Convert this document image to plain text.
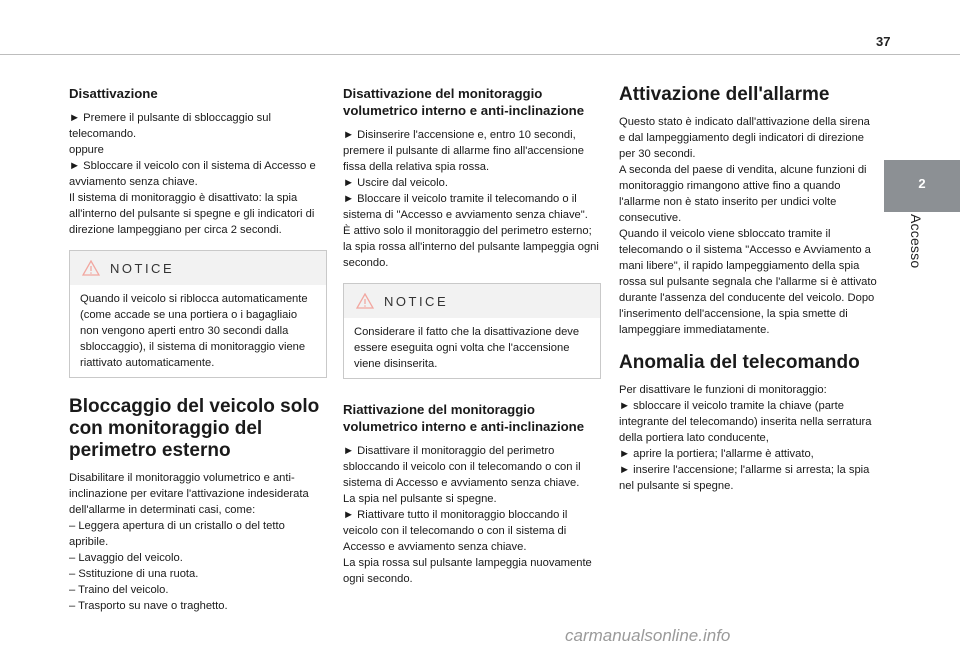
37
2
Accesso
Disattivazione
► Premere il pulsante di sbloccaggio sul telecomando.
oppure
► Sbloccare il veicolo con il sistema di Accesso e avviamento senza chiave.
Il sistema di monitoraggio è disattivato: la spia all'interno del pulsante si spegne e gli indicatori di direzione lampeggiano per circa 2 secondi.
NOTICE
Quando il veicolo si riblocca automaticamente (come accade se una portiera o i bagagliaio non vengono aperti entro 30 secondi dalla sbloccaggio), il sistema di monitoraggio viene riattivato automaticamente.
Bloccaggio del veicolo solo con monitoraggio del perimetro esterno
Disabilitare il monitoraggio volumetrico e anti-inclinazione per evitare l'attivazione indesiderata dell'allarme in determinati casi, come:
– Leggera apertura di un cristallo o del tetto apribile.
– Lavaggio del veicolo.
– Sstituzione di una ruota.
– Traino del veicolo.
– Trasporto su nave o traghetto.
Disattivazione del monitoraggio volumetrico interno e anti-inclinazione
► Disinserire l'accensione e, entro 10 secondi, premere il pulsante di allarme fino all'accensione fissa della relativa spia rossa.
► Uscire dal veicolo.
► Bloccare il veicolo tramite il telecomando o il sistema di "Accesso e avviamento senza chiave".
È attivo solo il monitoraggio del perimetro esterno; la spia rossa all'interno del pulsante lampeggia ogni secondo.
NOTICE
Considerare il fatto che la disattivazione deve essere eseguita ogni volta che l'accensione viene disinserita.
Riattivazione del monitoraggio volumetrico interno e anti-inclinazione
► Disattivare il monitoraggio del perimetro sbloccando il veicolo con il telecomando o con il sistema di Accesso e avviamento senza chiave.
La spia nel pulsante si spegne.
► Riattivare tutto il monitoraggio bloccando il veicolo con il telecomando o con il sistema di Accesso e avviamento senza chiave.
La spia rossa sul pulsante lampeggia nuovamente ogni secondo.
Attivazione dell'allarme
Questo stato è indicato dall'attivazione della sirena e dal lampeggiamento degli indicatori di direzione per 30 secondi.
A seconda del paese di vendita, alcune funzioni di monitoraggio rimangono attive fino a quando l'allarme non è stato inserito per undici volte consecutive.
Quando il veicolo viene sbloccato tramite il telecomando o il sistema "Accesso e Avviamento a mani libere", il rapido lampeggiamento della spia rossa sul pulsante segnala che l'allarme si è attivato durante l'assenza del conducente del veicolo. Dopo l'inserimento dell'accensione, la spia smette di lampeggiare immediatamente.
Anomalia del telecomando
Per disattivare le funzioni di monitoraggio:
► sbloccare il veicolo tramite la chiave (parte integrante del telecomando) inserita nella serratura della portiera lato conducente,
► aprire la portiera; l'allarme è attivato,
► inserire l'accensione; l'allarme si arresta; la spia nel pulsante si spegne.
carmanualsonline.info
